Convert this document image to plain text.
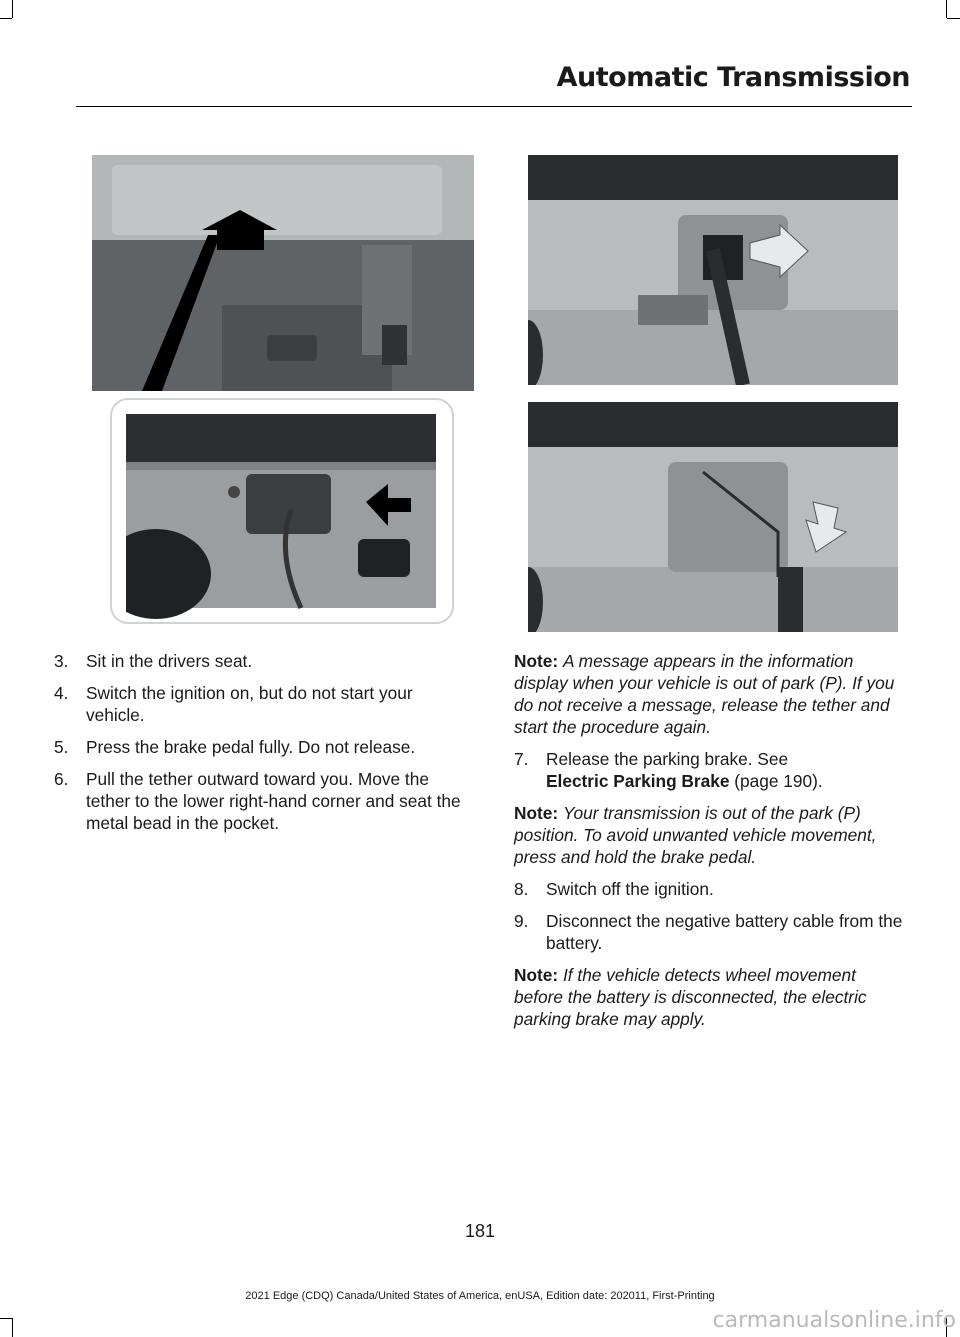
Automatic Transmission
3.	Sit in the drivers seat.
4.	Switch the ignition on, but do not start your vehicle.
5.	Press the brake pedal fully. Do not release.
6.	Pull the tether outward toward you. Move the tether to the lower right-hand corner and seat the metal bead in the pocket.
Note: A message appears in the information display when your vehicle is out of park (P). If you do not receive a message, release the tether and start the procedure again.
7.	Release the parking brake. See
Electric Parking Brake (page 190).
Note: Your transmission is out of the park (P) position. To avoid unwanted vehicle movement, press and hold the brake pedal.
8.	Switch off the ignition.
9.	Disconnect the negative battery cable from the battery.
Note: If the vehicle detects wheel movement before the battery is disconnected, the electric parking brake may apply.
181
2021 Edge (CDQ) Canada/United States of America, enUSA, Edition date: 202011, First-Printing
carmanualsonline.info
